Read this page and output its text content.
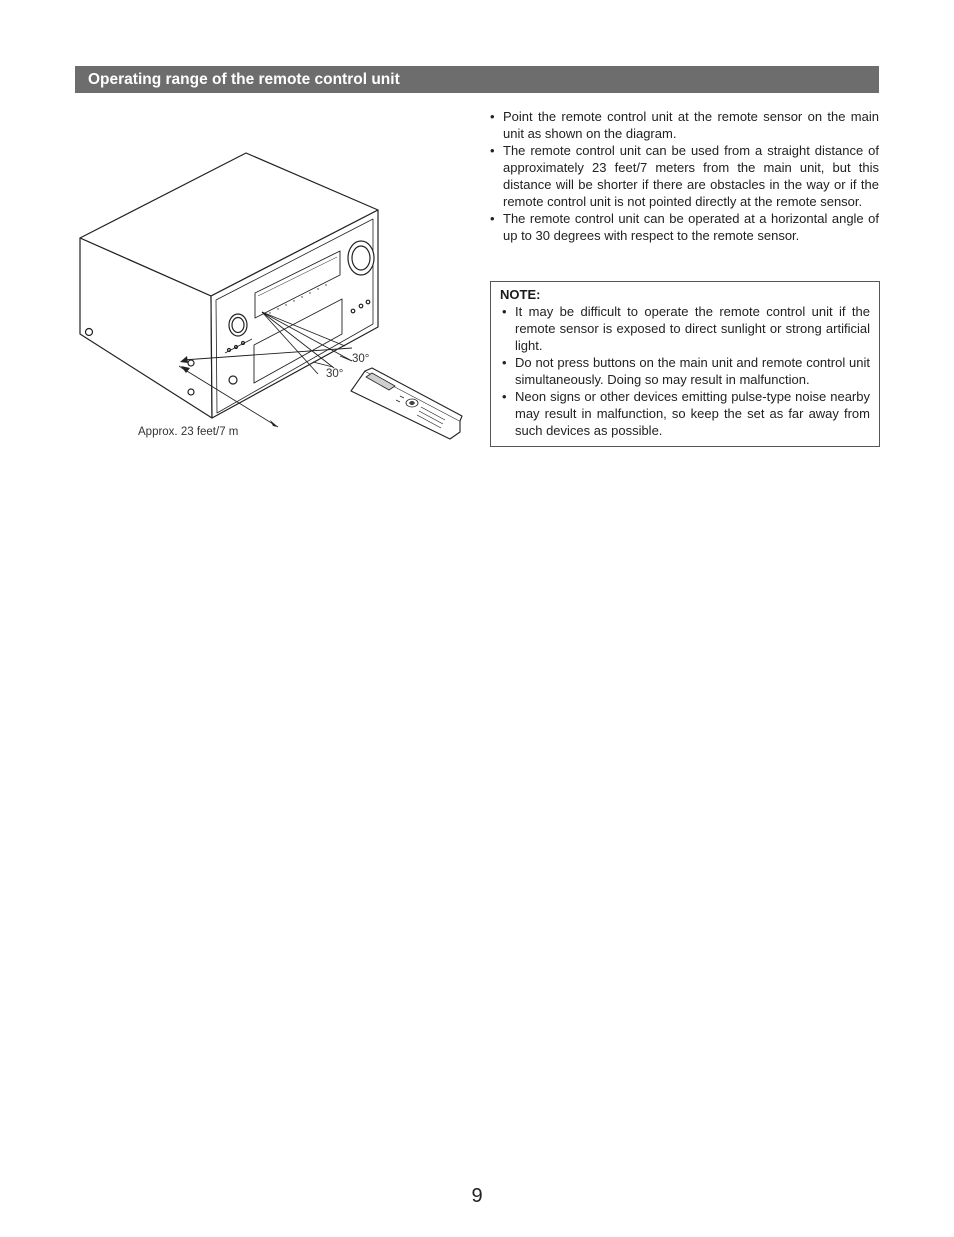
Operating range of the remote control unit
30°
30°
Approx. 23 feet/7 m
• Point the remote control unit at the remote sensor on the main unit as shown on the diagram.
• The remote control unit can be used from a straight distance of approximately 23 feet/7 meters from the main unit, but this distance will be shorter if there are obstacles in the way or if the remote control unit is not pointed directly at the remote sensor.
• The remote control unit can be operated at a horizontal angle of up to 30 degrees with respect to the remote sensor.

NOTE:

• It may be difficult to operate the remote control unit if the remote sensor is exposed to direct sunlight or strong artificial light.
• Do not press buttons on the main unit and remote control unit simultaneously. Doing so may result in malfunction.
• Neon signs or other devices emitting pulse-type noise nearby may result in malfunction, so keep the set as far away from such devices as possible.
9
